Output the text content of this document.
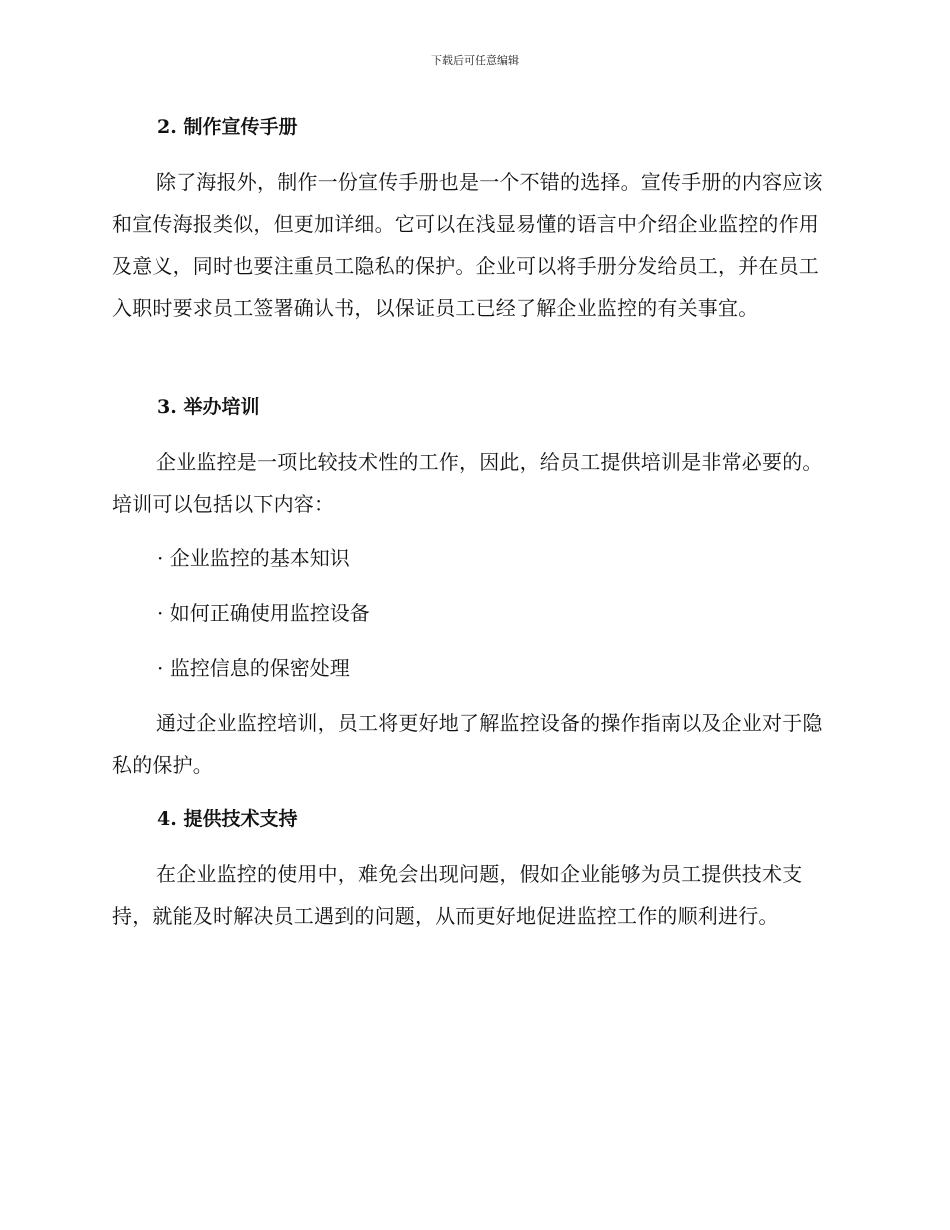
下载后可任意编辑
2. 制作宣传手册
除了海报外，制作一份宣传手册也是一个不错的选择。宣传手册的内容应该和宣传海报类似，但更加详细。它可以在浅显易懂的语言中介绍企业监控的作用及意义，同时也要注重员工隐私的保护。企业可以将手册分发给员工，并在员工入职时要求员工签署确认书，以保证员工已经了解企业监控的有关事宜。
3. 举办培训
企业监控是一项比较技术性的工作，因此，给员工提供培训是非常必要的。培训可以包括以下内容：
· 企业监控的基本知识
· 如何正确使用监控设备
· 监控信息的保密处理
通过企业监控培训，员工将更好地了解监控设备的操作指南以及企业对于隐私的保护。
4. 提供技术支持
在企业监控的使用中，难免会出现问题，假如企业能够为员工提供技术支持，就能及时解决员工遇到的问题，从而更好地促进监控工作的顺利进行。
